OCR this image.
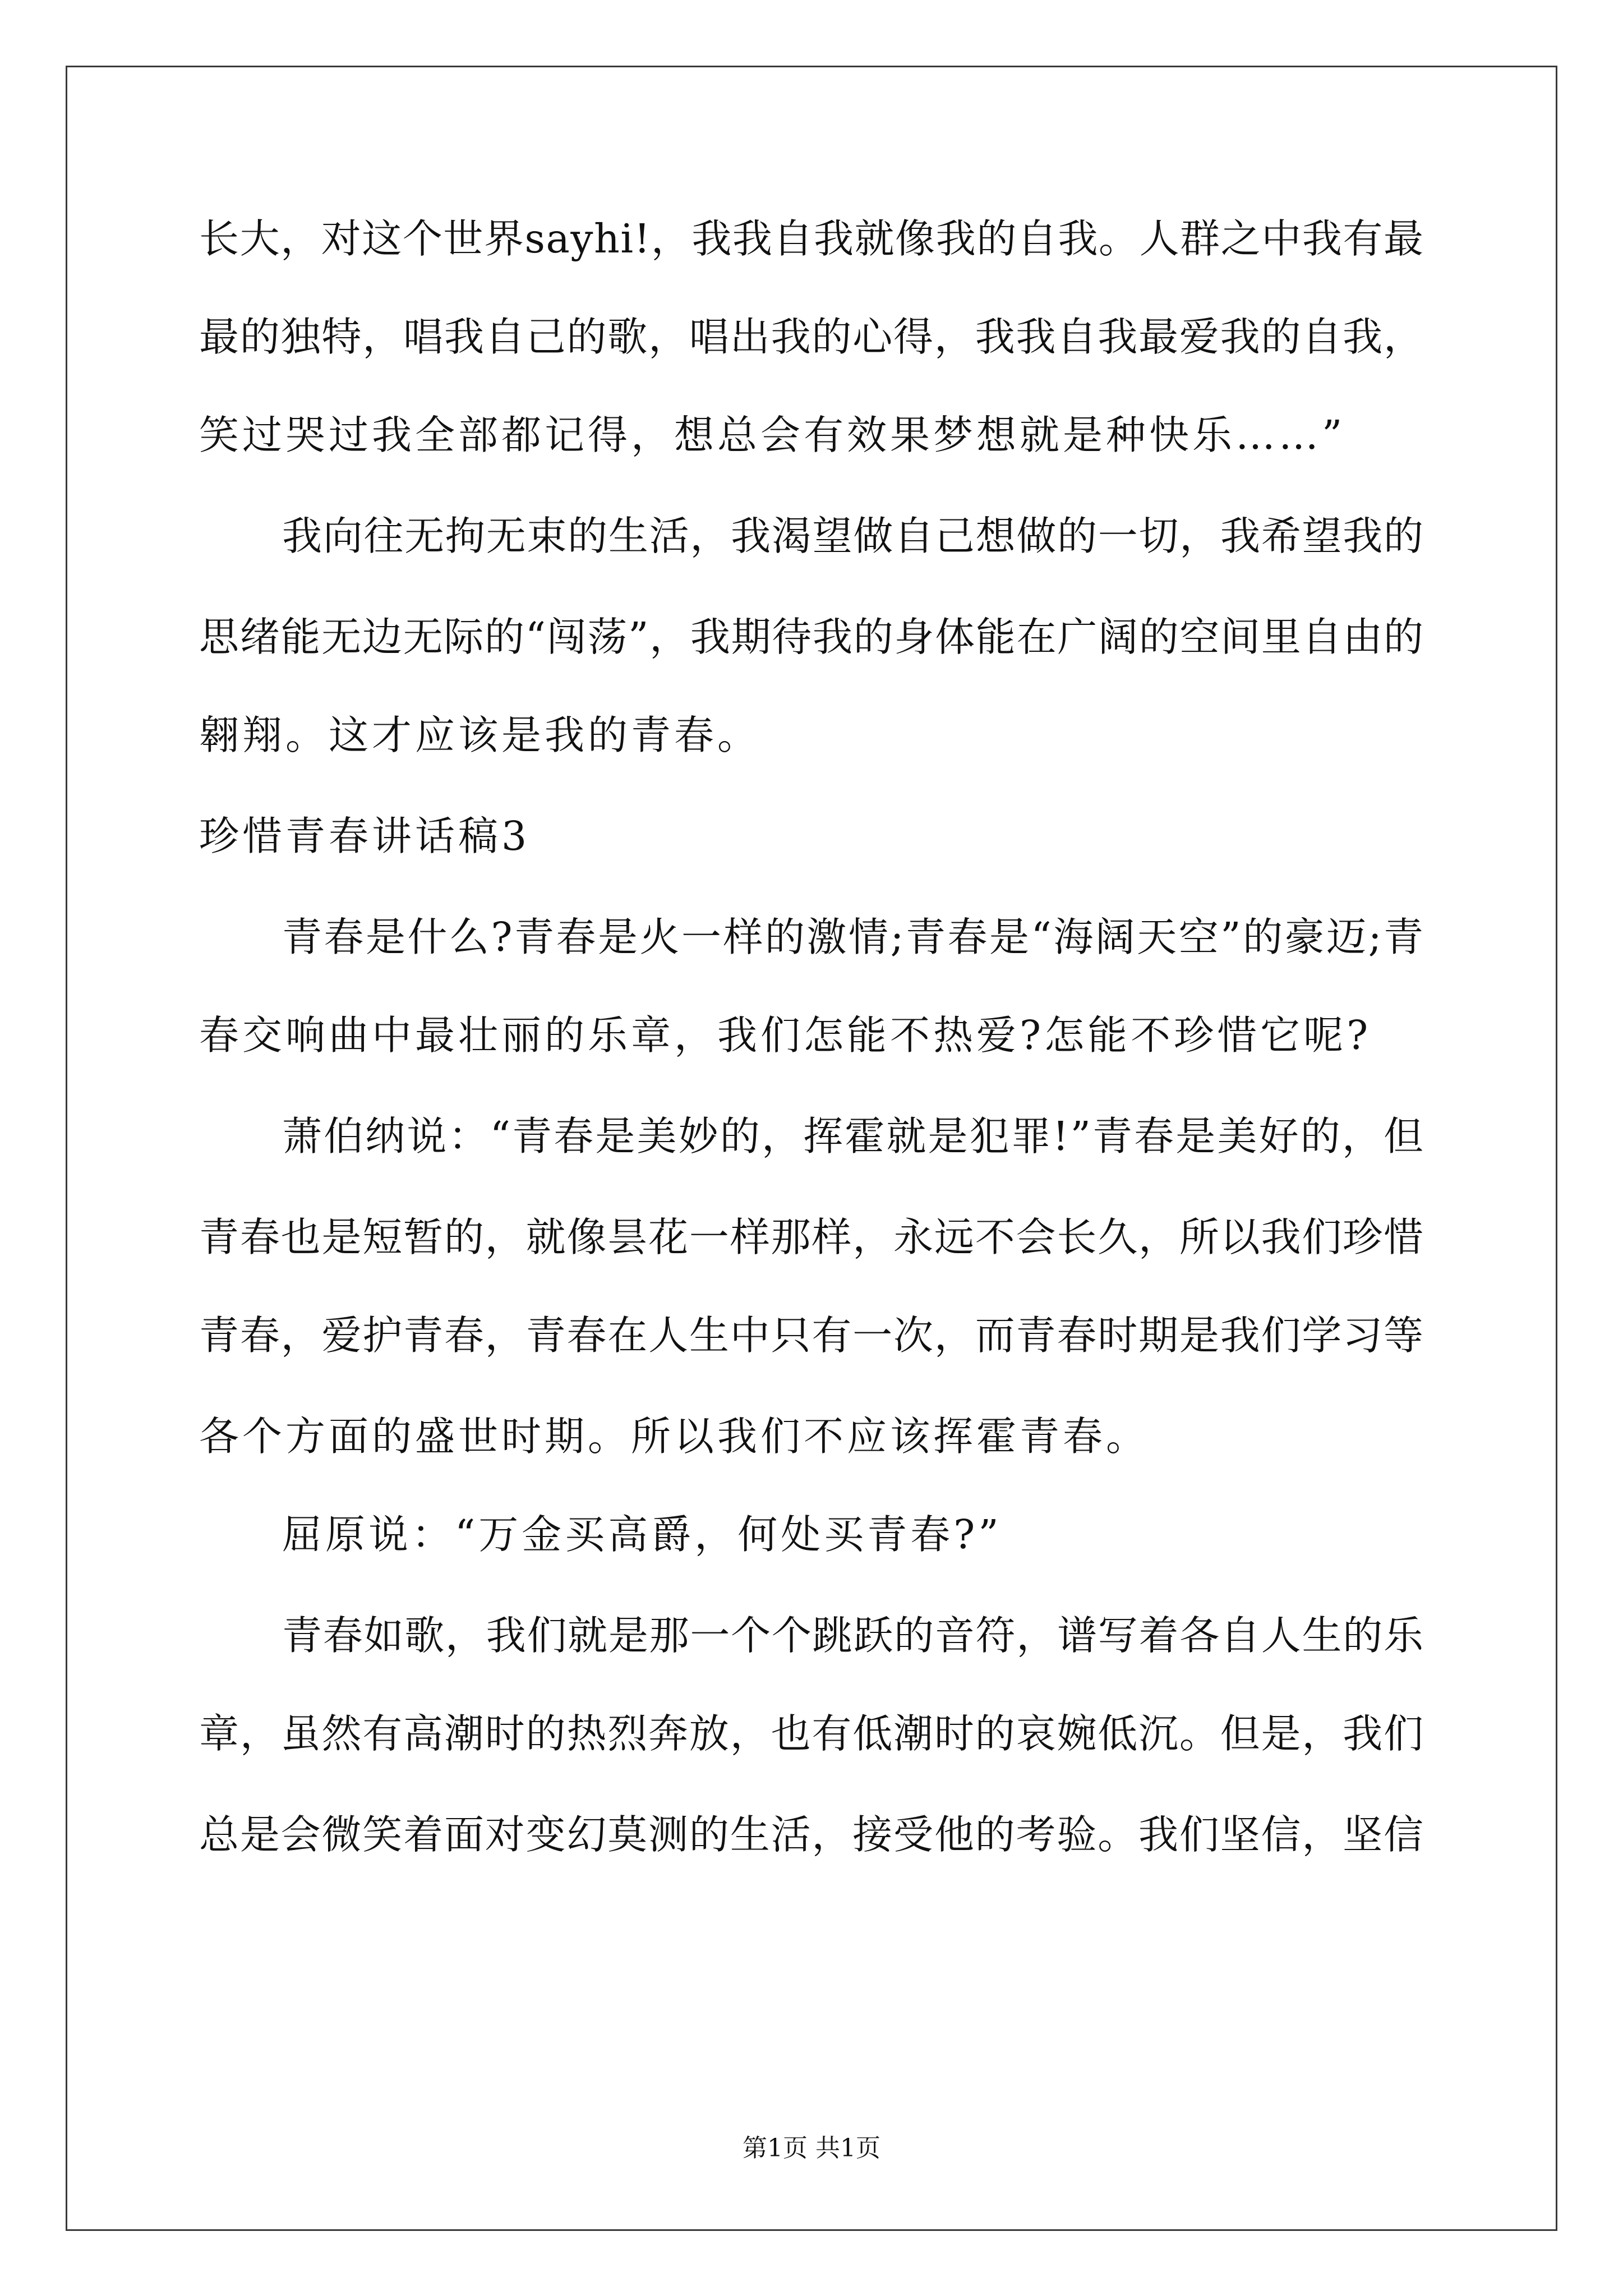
长大，对这个世界sayhi!，我我自我就像我的自我。人群之中我有最
最的独特，唱我自己的歌，唱出我的心得，我我自我最爱我的自我，
笑过哭过我全部都记得，想总会有效果梦想就是种快乐……”
我向往无拘无束的生活，我渴望做自己想做的一切，我希望我的
思绪能无边无际的“闯荡”，我期待我的身体能在广阔的空间里自由的
翱翔。这才应该是我的青春。
珍惜青春讲话稿3
青春是什么?青春是火一样的激情;青春是“海阔天空”的豪迈;青
春交响曲中最壮丽的乐章，我们怎能不热爱?怎能不珍惜它呢?
萧伯纳说：“青春是美妙的，挥霍就是犯罪!”青春是美好的，但
青春也是短暂的，就像昙花一样那样，永远不会长久，所以我们珍惜
青春，爱护青春，青春在人生中只有一次，而青春时期是我们学习等
各个方面的盛世时期。所以我们不应该挥霍青春。
屈原说：“万金买高爵，何处买青春?”
青春如歌，我们就是那一个个跳跃的音符，谱写着各自人生的乐
章，虽然有高潮时的热烈奔放，也有低潮时的哀婉低沉。但是，我们
总是会微笑着面对变幻莫测的生活，接受他的考验。我们坚信，坚信
第1页 共1页
